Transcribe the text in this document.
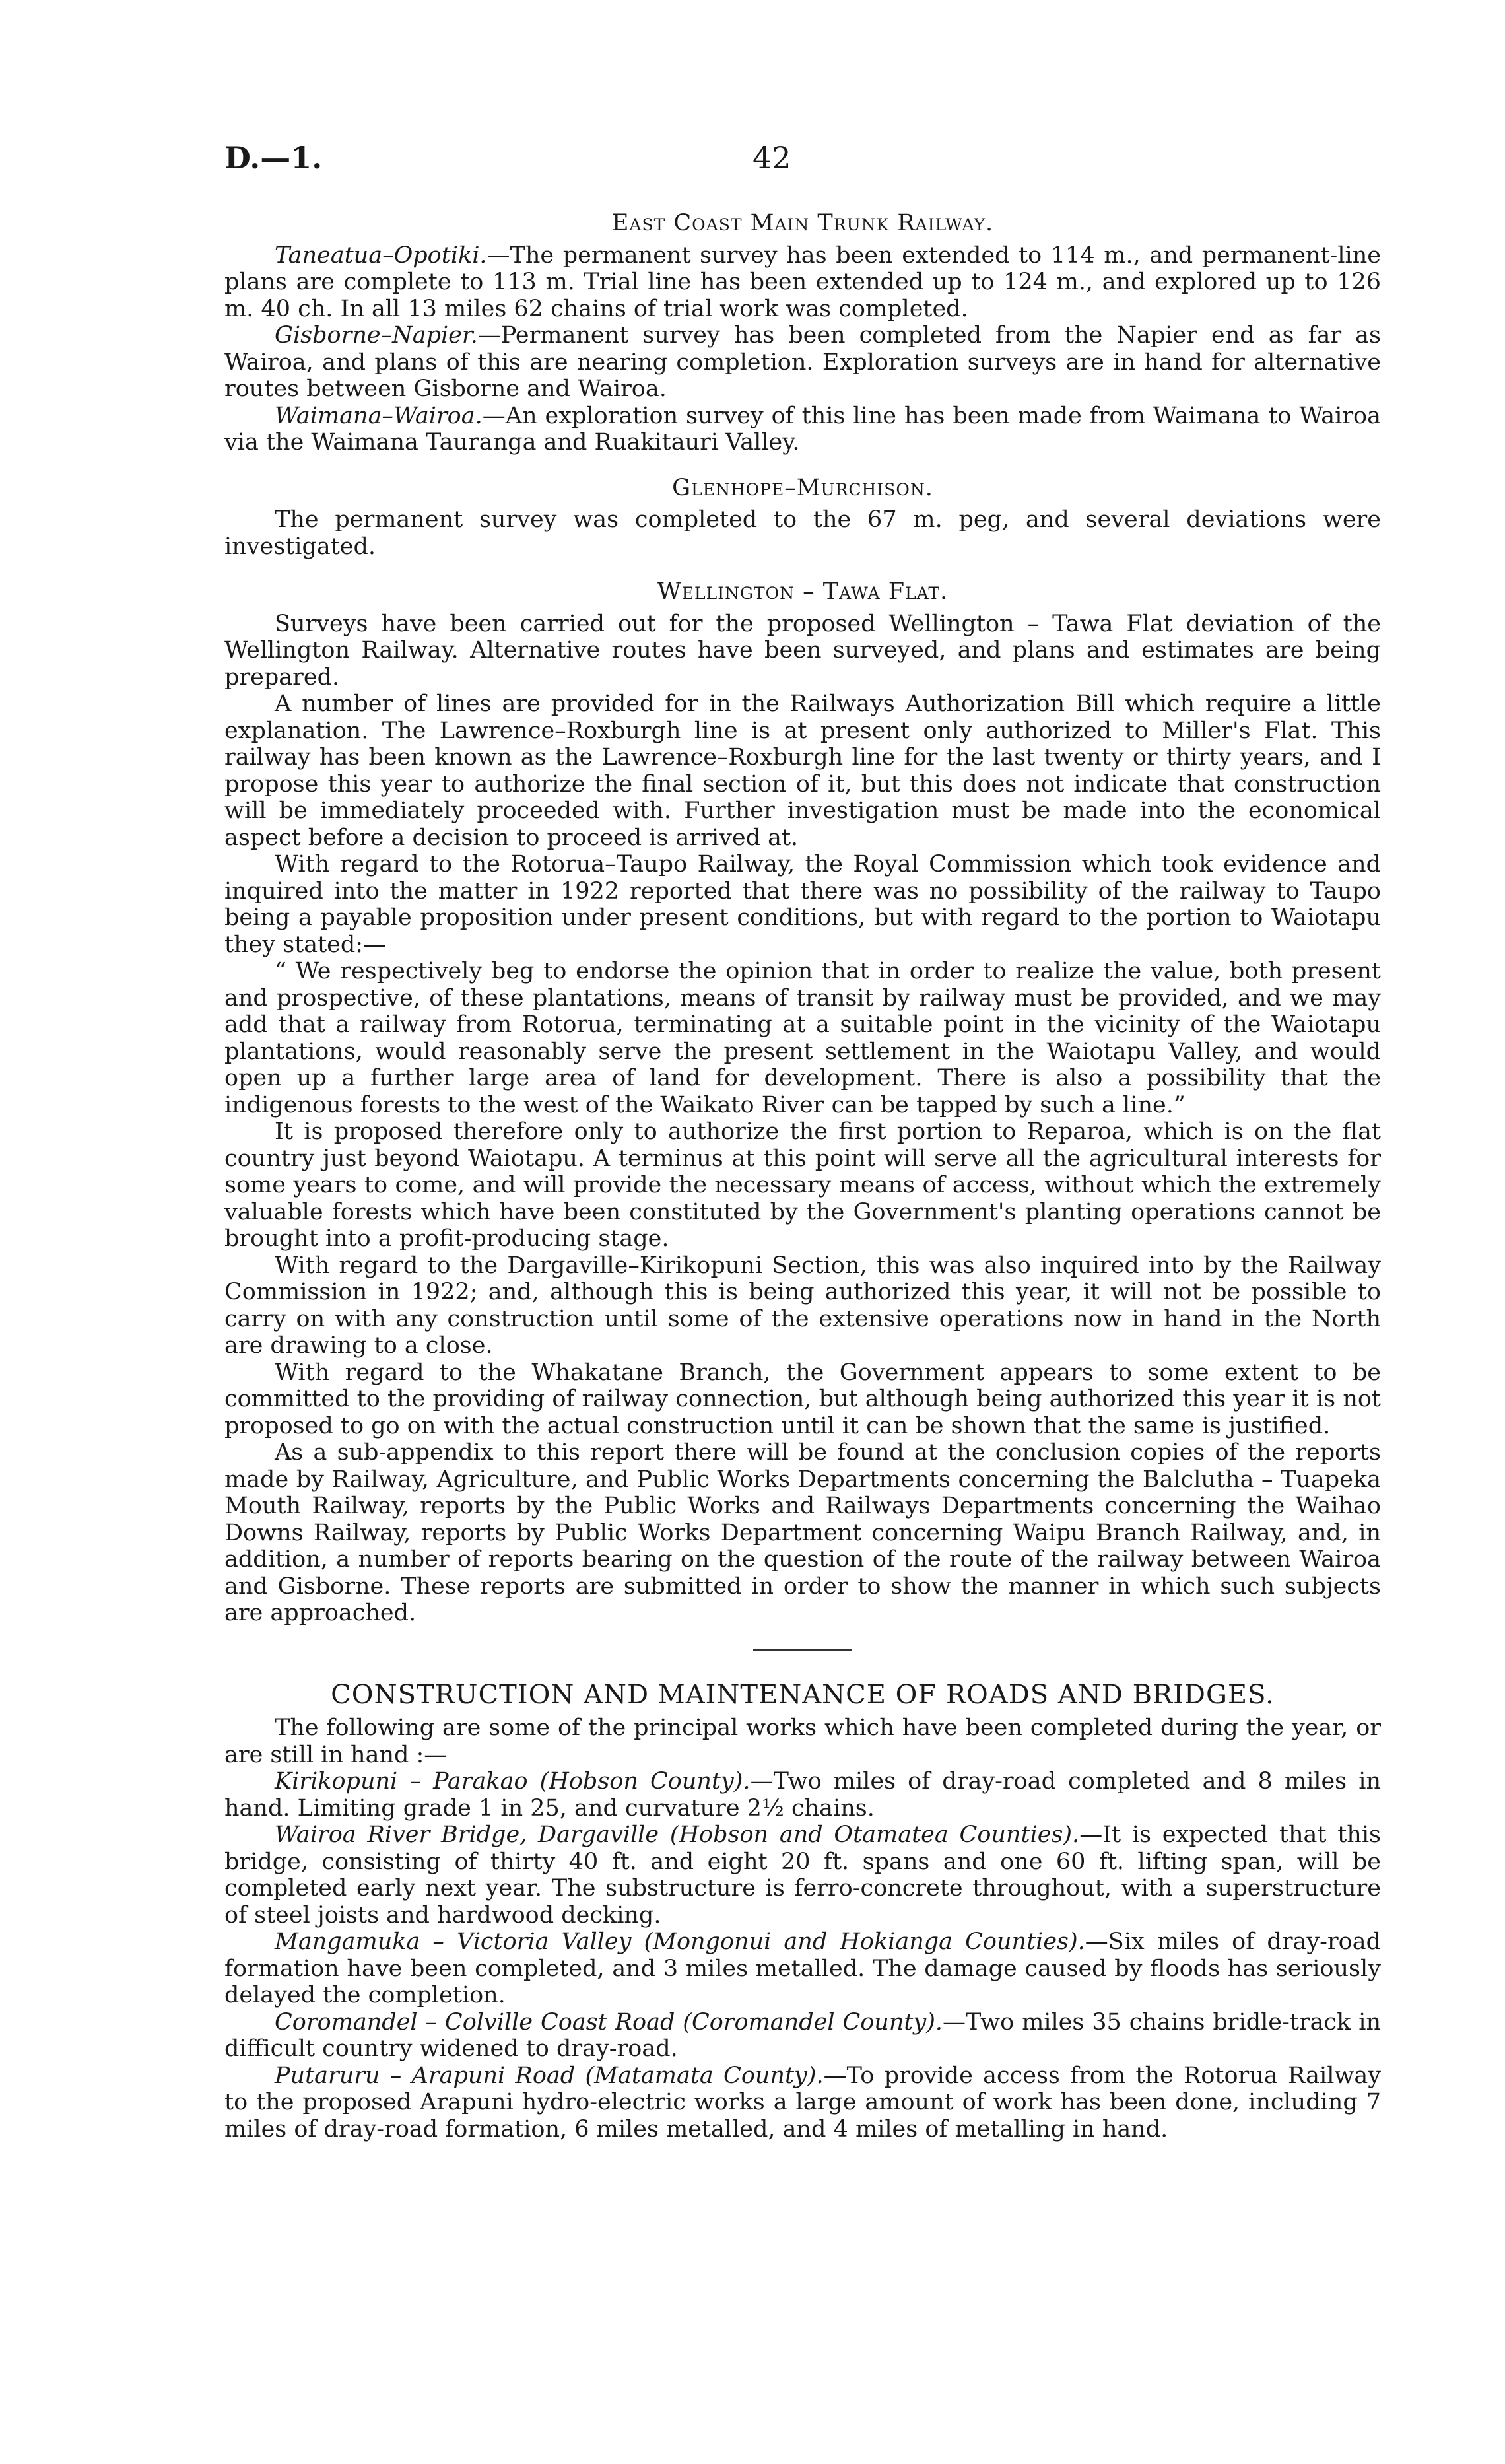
D.—1.	42
East Coast Main Trunk Railway.

Taneatua–Opotiki.—The permanent survey has been extended to 114 m., and permanent-line plans are complete to 113 m. Trial line has been extended up to 124 m., and explored up to 126 m. 40 ch. In all 13 miles 62 chains of trial work was completed.

Gisborne–Napier.—Permanent survey has been completed from the Napier end as far as Wairoa, and plans of this are nearing completion. Exploration surveys are in hand for alternative routes between Gisborne and Wairoa.

Waimana–Wairoa.—An exploration survey of this line has been made from Waimana to Wairoa via the Waimana Tauranga and Ruakitauri Valley.

Glenhope–Murchison.

The permanent survey was completed to the 67 m. peg, and several deviations were investigated.

Wellington – Tawa Flat.

Surveys have been carried out for the proposed Wellington – Tawa Flat deviation of the Wellington Railway. Alternative routes have been surveyed, and plans and estimates are being prepared.

A number of lines are provided for in the Railways Authorization Bill which require a little explanation. The Lawrence–Roxburgh line is at present only authorized to Miller's Flat. This railway has been known as the Lawrence–Roxburgh line for the last twenty or thirty years, and I propose this year to authorize the final section of it, but this does not indicate that construction will be immediately proceeded with. Further investigation must be made into the economical aspect before a decision to proceed is arrived at.

With regard to the Rotorua–Taupo Railway, the Royal Commission which took evidence and inquired into the matter in 1922 reported that there was no possibility of the railway to Taupo being a payable proposition under present conditions, but with regard to the portion to Waiotapu they stated:—

“ We respectively beg to endorse the opinion that in order to realize the value, both present and prospective, of these plantations, means of transit by railway must be provided, and we may add that a railway from Rotorua, terminating at a suitable point in the vicinity of the Waiotapu plantations, would reasonably serve the present settlement in the Waiotapu Valley, and would open up a further large area of land for development. There is also a possibility that the indigenous forests to the west of the Waikato River can be tapped by such a line.”

It is proposed therefore only to authorize the first portion to Reparoa, which is on the flat country just beyond Waiotapu. A terminus at this point will serve all the agricultural interests for some years to come, and will provide the necessary means of access, without which the extremely valuable forests which have been constituted by the Government's planting operations cannot be brought into a profit-producing stage.

With regard to the Dargaville–Kirikopuni Section, this was also inquired into by the Railway Commission in 1922; and, although this is being authorized this year, it will not be possible to carry on with any construction until some of the extensive operations now in hand in the North are drawing to a close.

With regard to the Whakatane Branch, the Government appears to some extent to be committed to the providing of railway connection, but although being authorized this year it is not proposed to go on with the actual construction until it can be shown that the same is justified.

As a sub-appendix to this report there will be found at the conclusion copies of the reports made by Railway, Agriculture, and Public Works Departments concerning the Balclutha – Tuapeka Mouth Railway, reports by the Public Works and Railways Departments concerning the Waihao Downs Railway, reports by Public Works Department concerning Waipu Branch Railway, and, in addition, a number of reports bearing on the question of the route of the railway between Wairoa and Gisborne. These reports are submitted in order to show the manner in which such subjects are approached.

CONSTRUCTION AND MAINTENANCE OF ROADS AND BRIDGES.

The following are some of the principal works which have been completed during the year, or are still in hand :—

Kirikopuni – Parakao (Hobson County).—Two miles of dray-road completed and 8 miles in hand. Limiting grade 1 in 25, and curvature 2½ chains.

Wairoa River Bridge, Dargaville (Hobson and Otamatea Counties).—It is expected that this bridge, consisting of thirty 40 ft. and eight 20 ft. spans and one 60 ft. lifting span, will be completed early next year. The substructure is ferro-concrete throughout, with a superstructure of steel joists and hardwood decking.

Mangamuka – Victoria Valley (Mongonui and Hokianga Counties).—Six miles of dray-road formation have been completed, and 3 miles metalled. The damage caused by floods has seriously delayed the completion.

Coromandel – Colville Coast Road (Coromandel County).—Two miles 35 chains bridle-track in difficult country widened to dray-road.

Putaruru – Arapuni Road (Matamata County).—To provide access from the Rotorua Railway to the proposed Arapuni hydro-electric works a large amount of work has been done, including 7 miles of dray-road formation, 6 miles metalled, and 4 miles of metalling in hand.
